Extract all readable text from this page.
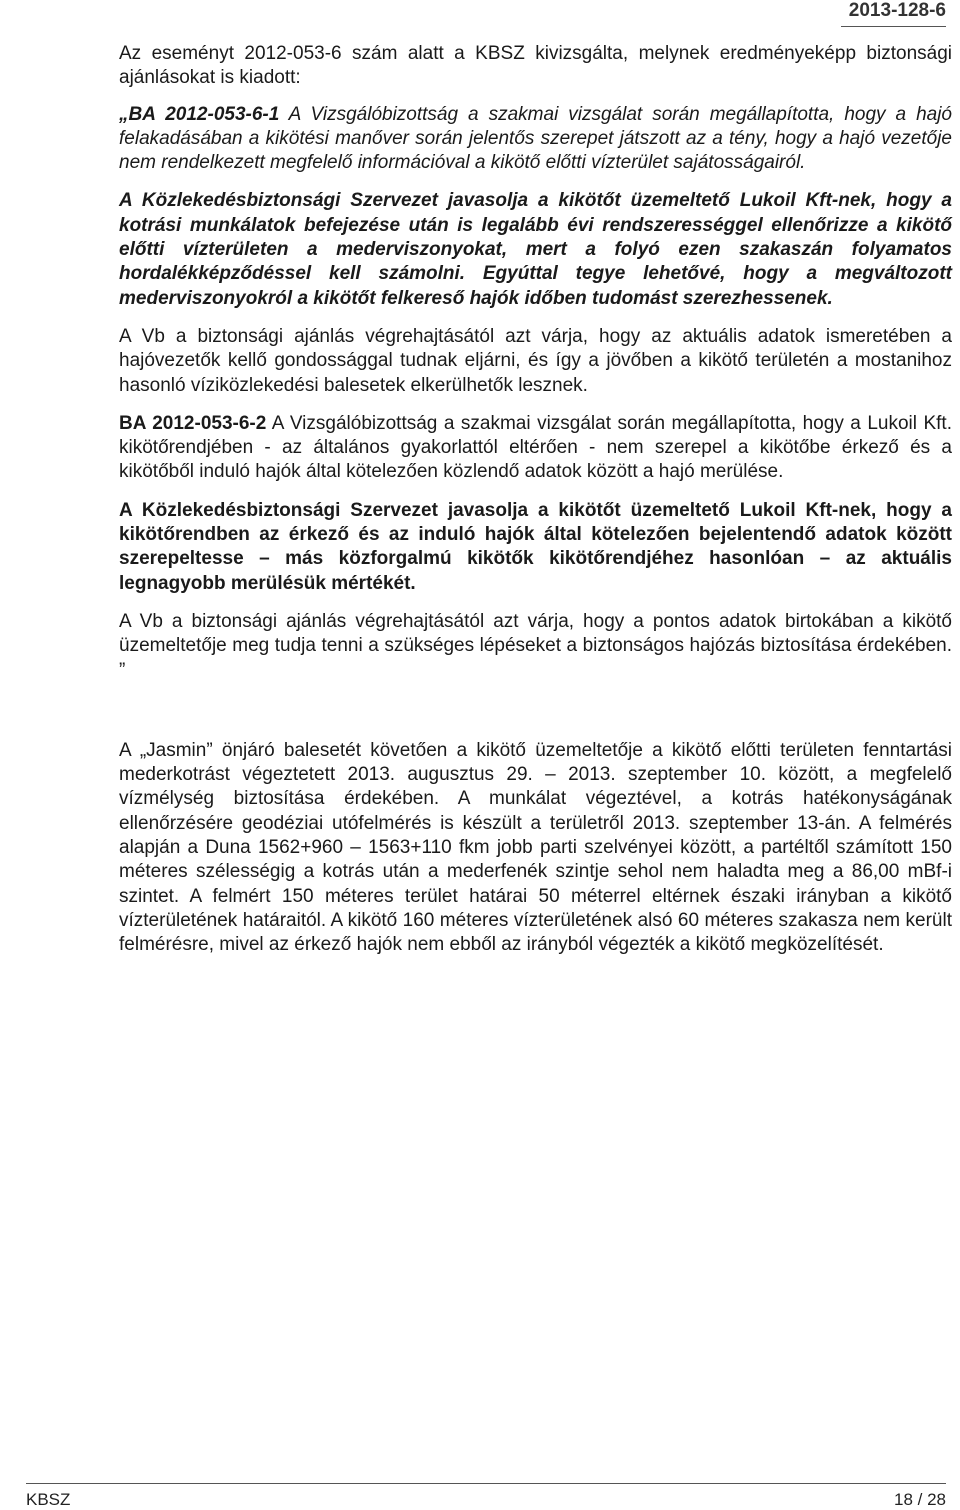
2013-128-6

Az eseményt 2012-053-6 szám alatt a KBSZ kivizsgálta, melynek eredményeképp biztonsági ajánlásokat is kiadott:

„BA 2012-053-6-1 A Vizsgálóbizottság a szakmai vizsgálat során megállapította, hogy a hajó felakadásában a kikötési manőver során jelentős szerepet játszott az a tény, hogy a hajó vezetője nem rendelkezett megfelelő információval a kikötő előtti vízterület sajátosságairól.

A Közlekedésbiztonsági Szervezet javasolja a kikötőt üzemeltető Lukoil Kft-nek, hogy a kotrási munkálatok befejezése után is legalább évi rendszerességgel ellenőrizze a kikötő előtti vízterületen a mederviszonyokat, mert a folyó ezen szakaszán folyamatos hordalékképződéssel kell számolni. Egyúttal tegye lehetővé, hogy a megváltozott mederviszonyokról a kikötőt felkereső hajók időben tudomást szerezhessenek.

A Vb a biztonsági ajánlás végrehajtásától azt várja, hogy az aktuális adatok ismeretében a hajóvezetők kellő gondossággal tudnak eljárni, és így a jövőben a kikötő területén a mostanihoz hasonló víziközlekedési balesetek elkerülhetők lesznek.

BA 2012-053-6-2 A Vizsgálóbizottság a szakmai vizsgálat során megállapította, hogy a Lukoil Kft. kikötőrendjében - az általános gyakorlattól eltérően - nem szerepel a kikötőbe érkező és a kikötőből induló hajók által kötelezően közlendő adatok között a hajó merülése.

A Közlekedésbiztonsági Szervezet javasolja a kikötőt üzemeltető Lukoil Kft-nek, hogy a kikötőrendben az érkező és az induló hajók által kötelezően bejelentendő adatok között szerepeltesse – más közforgalmú kikötők kikötőrendjéhez hasonlóan – az aktuális legnagyobb merülésük mértékét.

A Vb a biztonsági ajánlás végrehajtásától azt várja, hogy a pontos adatok birtokában a kikötő üzemeltetője meg tudja tenni a szükséges lépéseket a biztonságos hajózás biztosítása érdekében. ”

A „Jasmin” önjáró balesetét követően a kikötő üzemeltetője a kikötő előtti területen fenntartási mederkotrást végeztetett 2013. augusztus 29. – 2013. szeptember 10. között, a megfelelő vízmélység biztosítása érdekében. A munkálat végeztével, a kotrás hatékonyságának ellenőrzésére geodéziai utófelmérés is készült a területről 2013. szeptember 13-án. A felmérés alapján a Duna 1562+960 – 1563+110 fkm jobb parti szelvényei között, a partéltől számított 150 méteres szélességig a kotrás után a mederfenék szintje sehol nem haladta meg a 86,00 mBf-i szintet. A felmért 150 méteres terület határai 50 méterrel eltérnek északi irányban a kikötő vízterületének határaitól. A kikötő 160 méteres vízterületének alsó 60 méteres szakasza nem került felmérésre, mivel az érkező hajók nem ebből az irányból végezték a kikötő megközelítését.

KBSZ	18 / 28
